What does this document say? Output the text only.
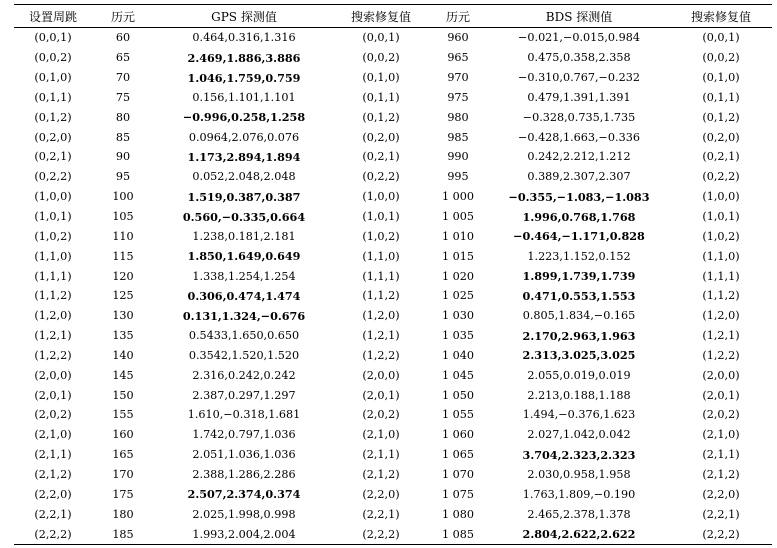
设置周跳	历元	GPS 探测值	搜索修复值	历元	BDS 探测值	搜索修复值
(0,0,1)	60	0.464,0.316,1.316	(0,0,1)	960	−0.021,−0.015,0.984	(0,0,1)
(0,0,2)	65	2.469,1.886,3.886	(0,0,2)	965	0.475,0.358,2.358	(0,0,2)
(0,1,0)	70	1.046,1.759,0.759	(0,1,0)	970	−0.310,0.767,−0.232	(0,1,0)
(0,1,1)	75	0.156,1.101,1.101	(0,1,1)	975	0.479,1.391,1.391	(0,1,1)
(0,1,2)	80	−0.996,0.258,1.258	(0,1,2)	980	−0.328,0.735,1.735	(0,1,2)
(0,2,0)	85	0.0964,2.076,0.076	(0,2,0)	985	−0.428,1.663,−0.336	(0,2,0)
(0,2,1)	90	1.173,2.894,1.894	(0,2,1)	990	0.242,2.212,1.212	(0,2,1)
(0,2,2)	95	0.052,2.048,2.048	(0,2,2)	995	0.389,2.307,2.307	(0,2,2)
(1,0,0)	100	1.519,0.387,0.387	(1,0,0)	1 000	−0.355,−1.083,−1.083	(1,0,0)
(1,0,1)	105	0.560,−0.335,0.664	(1,0,1)	1 005	1.996,0.768,1.768	(1,0,1)
(1,0,2)	110	1.238,0.181,2.181	(1,0,2)	1 010	−0.464,−1.171,0.828	(1,0,2)
(1,1,0)	115	1.850,1.649,0.649	(1,1,0)	1 015	1.223,1.152,0.152	(1,1,0)
(1,1,1)	120	1.338,1.254,1.254	(1,1,1)	1 020	1.899,1.739,1.739	(1,1,1)
(1,1,2)	125	0.306,0.474,1.474	(1,1,2)	1 025	0.471,0.553,1.553	(1,1,2)
(1,2,0)	130	0.131,1.324,−0.676	(1,2,0)	1 030	0.805,1.834,−0.165	(1,2,0)
(1,2,1)	135	0.5433,1.650,0.650	(1,2,1)	1 035	2.170,2.963,1.963	(1,2,1)
(1,2,2)	140	0.3542,1.520,1.520	(1,2,2)	1 040	2.313,3.025,3.025	(1,2,2)
(2,0,0)	145	2.316,0.242,0.242	(2,0,0)	1 045	2.055,0.019,0.019	(2,0,0)
(2,0,1)	150	2.387,0.297,1.297	(2,0,1)	1 050	2.213,0.188,1.188	(2,0,1)
(2,0,2)	155	1.610,−0.318,1.681	(2,0,2)	1 055	1.494,−0.376,1.623	(2,0,2)
(2,1,0)	160	1.742,0.797,1.036	(2,1,0)	1 060	2.027,1.042,0.042	(2,1,0)
(2,1,1)	165	2.051,1.036,1.036	(2,1,1)	1 065	3.704,2.323,2.323	(2,1,1)
(2,1,2)	170	2.388,1.286,2.286	(2,1,2)	1 070	2.030,0.958,1.958	(2,1,2)
(2,2,0)	175	2.507,2.374,0.374	(2,2,0)	1 075	1.763,1.809,−0.190	(2,2,0)
(2,2,1)	180	2.025,1.998,0.998	(2,2,1)	1 080	2.465,2.378,1.378	(2,2,1)
(2,2,2)	185	1.993,2.004,2.004	(2,2,2)	1 085	2.804,2.622,2.622	(2,2,2)
